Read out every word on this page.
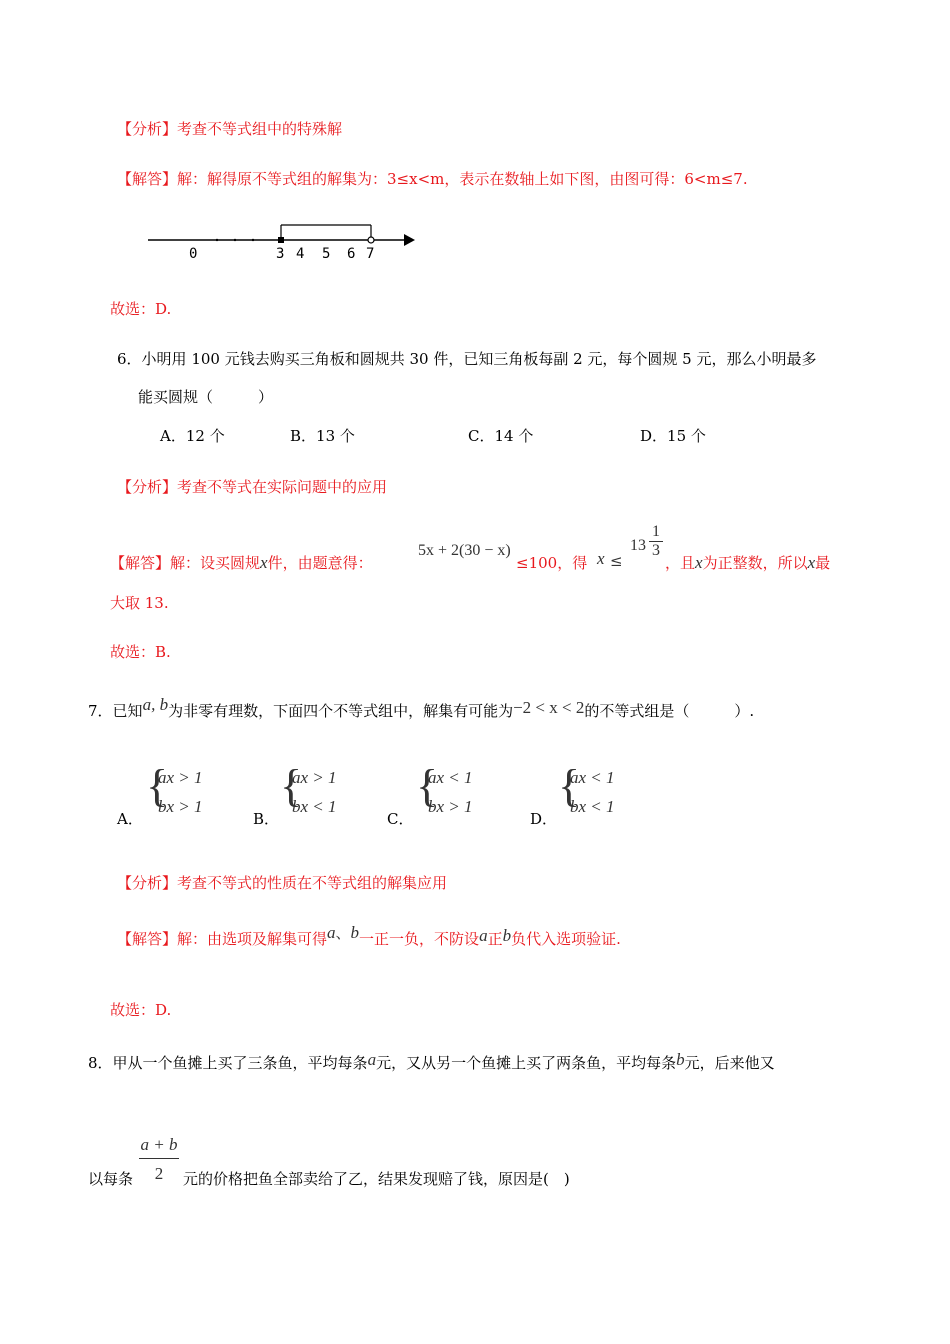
【分析】考查不等式组中的特殊解
【解答】解：解得原不等式组的解集为：3≤x<m，表示在数轴上如下图，由图可得：6<m≤7.
0	3 4 5 6 7
故选：D.
6．小明用 100 元钱去购买三角板和圆规共 30 件，已知三角板每副 2 元，每个圆规 5 元，那么小明最多
能买圆规（　　　）
A．12 个	B．13 个	C．14 个	D．15 个
【分析】考查不等式在实际问题中的应用
【解答】解：设买圆规x件，由题意得：
5x + 2(30 − x)
≤100，得 x ≤
$13 \frac{1}{3}$
，且x为正整数，所以x最
大取 13.
故选：B.
7．已知a, b为非零有理数，下面四个不等式组中，解集有可能为−2 < x < 2的不等式组是（　　　）.
A．
{
ax > 1
bx > 1
B．
{
ax > 1
bx < 1
C．
{
ax < 1
bx > 1
D．
{
ax < 1
bx < 1
【分析】考查不等式的性质在不等式组的解集应用
【解答】解：由选项及解集可得a、b一正一负，不防设a正b负代入选项验证.
故选：D.
8．甲从一个鱼摊上买了三条鱼，平均每条a元，又从另一个鱼摊上买了两条鱼，平均每条b元，后来他又
以每条 $\frac{a + b}{2}$ 元的价格把鱼全部卖给了乙，结果发现赔了钱，原因是(　)
